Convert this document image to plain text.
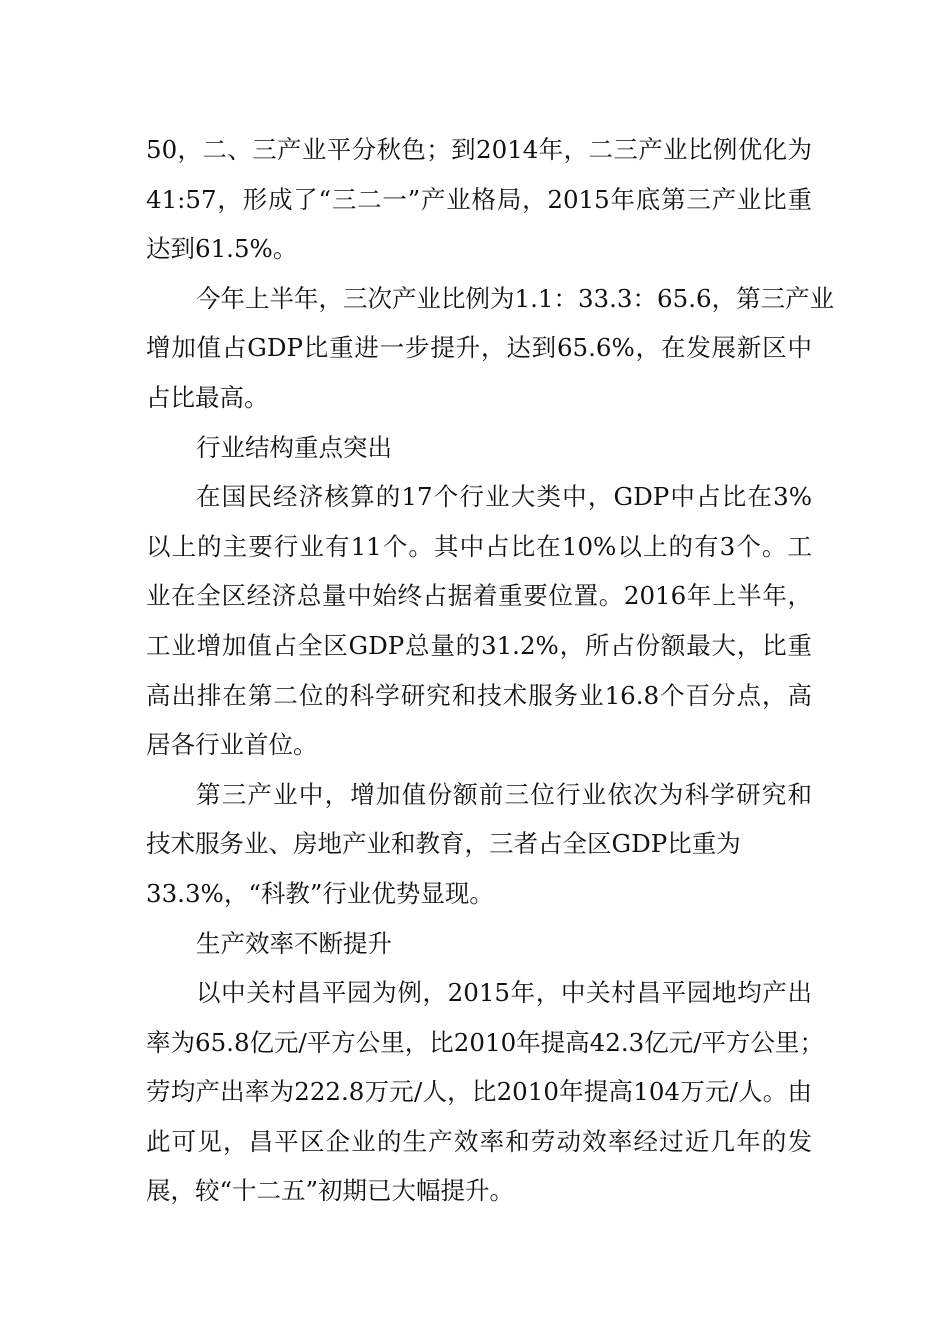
50，二、三产业平分秋色；到2014年，二三产业比例优化为
41:57，形成了“三二一”产业格局，2015年底第三产业比重
达到61.5%。
今年上半年，三次产业比例为1.1：33.3：65.6，第三产业
增加值占GDP比重进一步提升，达到65.6%，在发展新区中
占比最高。
行业结构重点突出
在国民经济核算的17个行业大类中，GDP中占比在3%
以上的主要行业有11个。其中占比在10%以上的有3个。工
业在全区经济总量中始终占据着重要位置。2016年上半年，
工业增加值占全区GDP总量的31.2%，所占份额最大，比重
高出排在第二位的科学研究和技术服务业16.8个百分点，高
居各行业首位。
第三产业中，增加值份额前三位行业依次为科学研究和
技术服务业、房地产业和教育，三者占全区GDP比重为
33.3%，“科教”行业优势显现。
生产效率不断提升
以中关村昌平园为例，2015年，中关村昌平园地均产出
率为65.8亿元/平方公里，比2010年提高42.3亿元/平方公里；
劳均产出率为222.8万元/人，比2010年提高104万元/人。由
此可见，昌平区企业的生产效率和劳动效率经过近几年的发
展，较“十二五”初期已大幅提升。
